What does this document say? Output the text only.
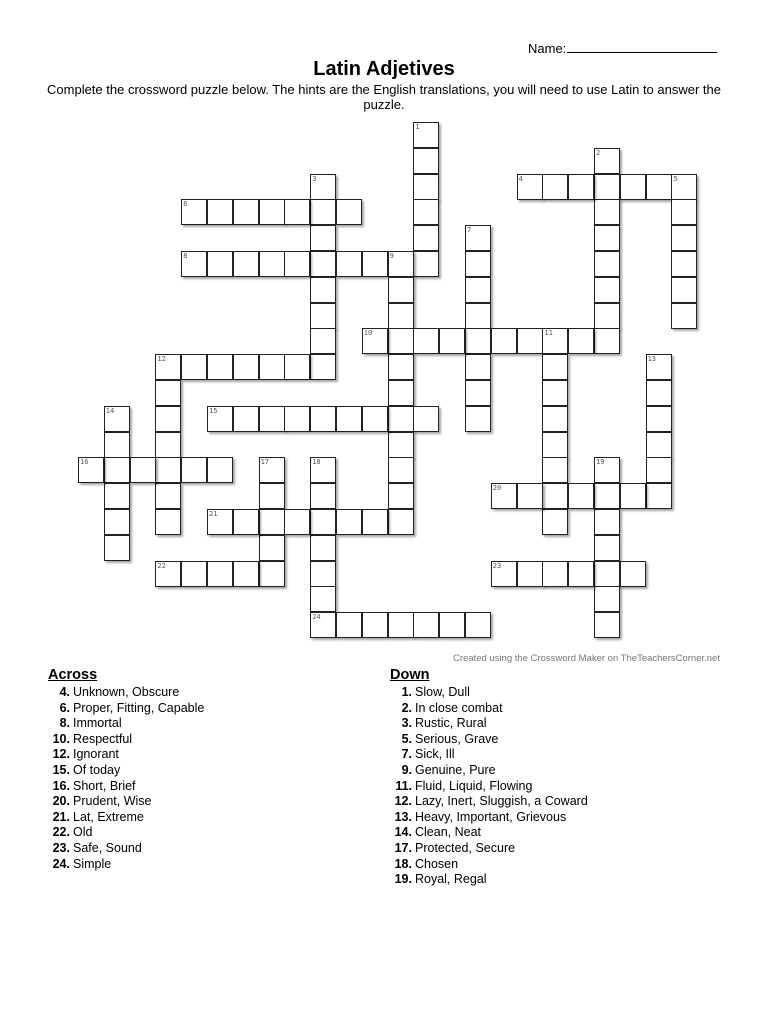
Name:
Latin Adjetives
Complete the crossword puzzle below. The hints are the English translations, you will need to use Latin to answer the puzzle.
1
2
3	4	5
6
7
8	9
10	11
12	13
14	15
16	17	18	19
20
21
22	23
24
Created using the Crossword Maker on TheTeachersCorner.net
Across
4. Unknown, Obscure
6. Proper, Fitting, Capable
8. Immortal
10. Respectful
12. Ignorant
15. Of today
16. Short, Brief
20. Prudent, Wise
21. Lat, Extreme
22. Old
23. Safe, Sound
24. Simple
Down
1. Slow, Dull
2. In close combat
3. Rustic, Rural
5. Serious, Grave
7. Sick, Ill
9. Genuine, Pure
11. Fluid, Liquid, Flowing
12. Lazy, Inert, Sluggish, a Coward
13. Heavy, Important, Grievous
14. Clean, Neat
17. Protected, Secure
18. Chosen
19. Royal, Regal
